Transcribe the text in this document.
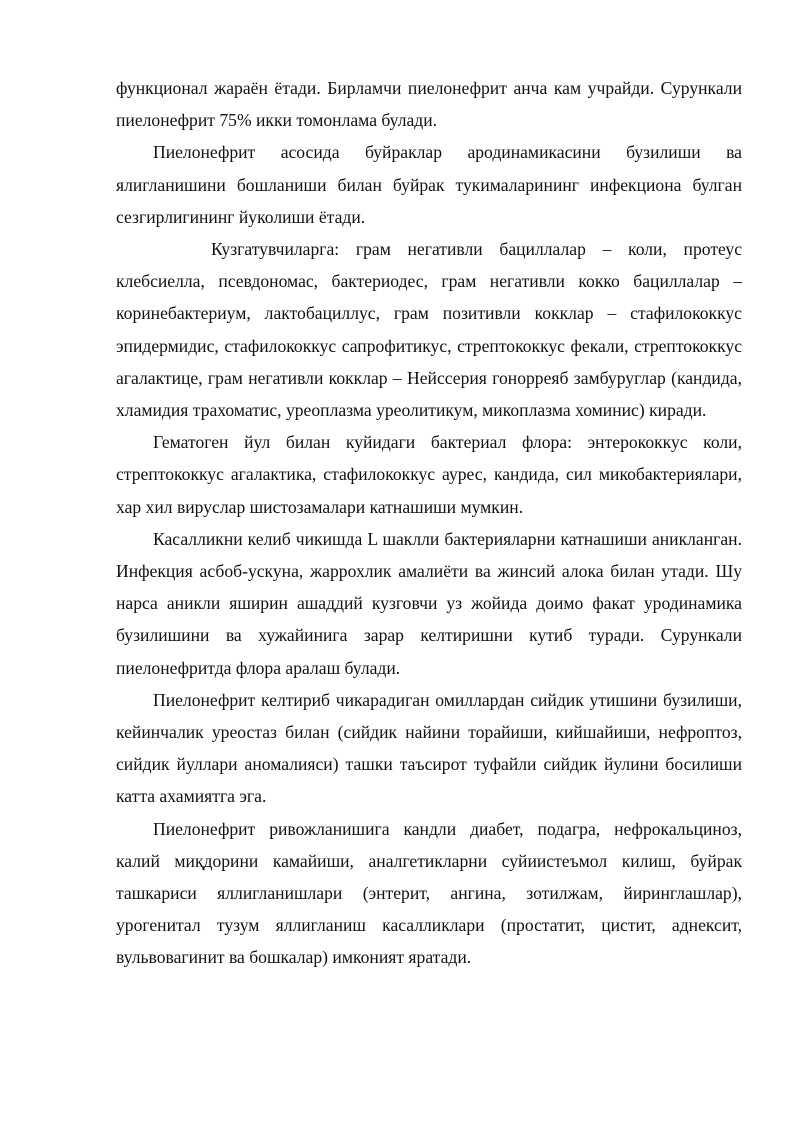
функционал жараён ётади. Бирламчи пиелонефрит анча кам учрайди. Сурункали пиелонефрит 75% икки томонлама булади.

Пиелонефрит асосида буйраклар ародинамикасини бузилиши ва ялигланишини бошланиши билан буйрак тукималарининг инфекциона булган сезгирлигининг йуколиши ётади.

Кузгатувчиларга: грам негативли бациллалар – коли, протеус клебсиелла, псевдономас, бактериодес, грам негативли кокко бациллалар – коринебактериум, лактобациллус, грам позитивли кокклар – стафилококкус эпидермидис, стафилококкус сапрофитикус, стрептококкус фекали, стрептококкус агалактице, грам негативли кокклар – Нейссерия гонорреяб замбуруглар (кандида, хламидия трахоматис, уреоплазма уреолитикум, микоплазма хоминис) киради.

Гематоген йул билан куйидаги бактериал флора: энтерококкус коли, стрептококкус агалактика, стафилококкус аурес, кандида, сил микобактериялари, хар хил вируслар шистозамалари катнашиши мумкин.

Касалликни келиб чикишда L шаклли бактерияларни катнашиши аникланган. Инфекция асбоб-ускуна, жаррохлик амалиёти ва жинсий алока билан утади. Шу нарса аникли яширин ашаддий кузговчи уз жойида доимо факат уродинамика бузилишини ва хужайинига зарар келтиришни кутиб туради. Сурункали пиелонефритда флора аралаш булади.

Пиелонефрит келтириб чикарадиган омиллардан сийдик утишини бузилиши, кейинчалик уреостаз билан (сийдик найини торайиши, кийшайиши, нефроптоз, сийдик йуллари аномалияси) ташки таъсирот туфайли сийдик йулини босилиши катта ахамиятга эга.

Пиелонефрит ривожланишига кандли диабет, подагра, нефрокальциноз, калий миқдорини камайиши, аналгетикларни суйиистеъмол килиш, буйрак ташкариси яллигланишлари (энтерит, ангина, зотилжам, йиринглашлар), урогенитал тузум яллигланиш касалликлари (простатит, цистит, аднексит, вульвовагинит ва бошкалар) имконият яратади.
